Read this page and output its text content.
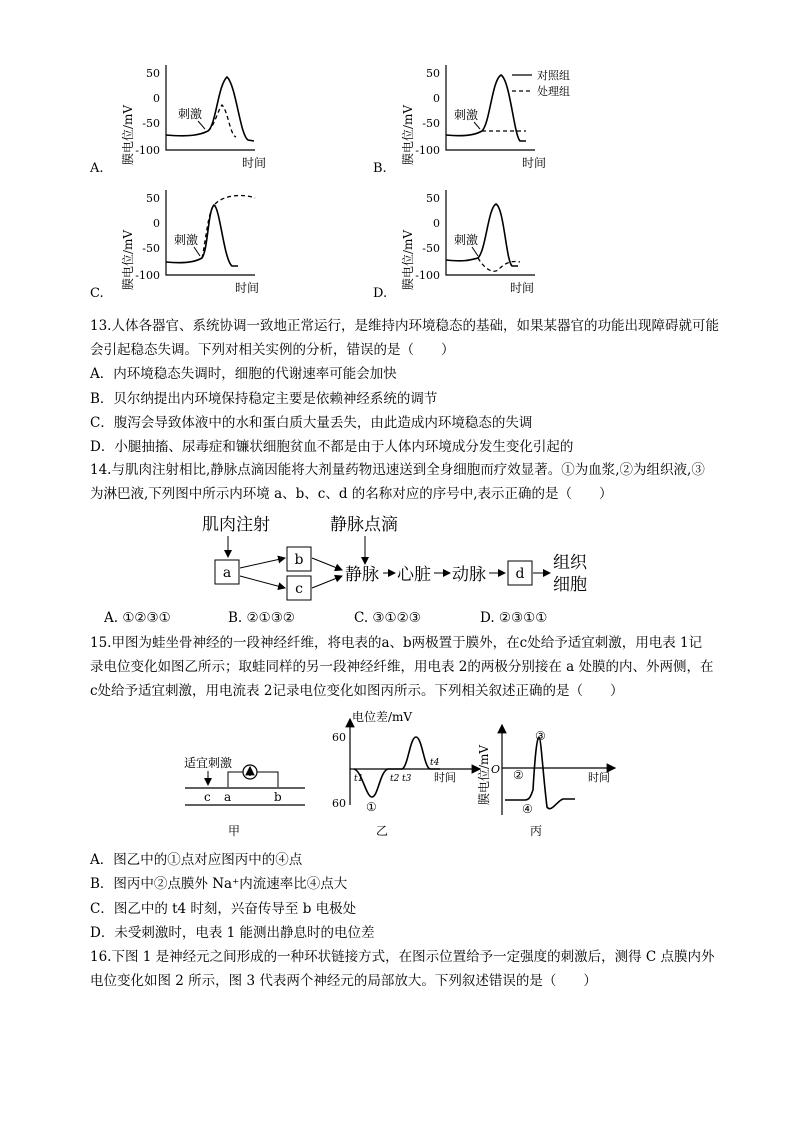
膜电位/mV
50
0
-50
-100
刺激
时间
A.
膜电位/mV
50
0
-50
-100
刺激
对照组
处理组
时间
B.
膜电位/mV
50
0
-50
-100
刺激
时间
C.
膜电位/mV
50
0
-50
-100
刺激
时间
D.
13.人体各器官、系统协调一致地正常运行，是维持内环境稳态的基础，如果某器官的功能出现障碍就可能
会引起稳态失调。下列对相关实例的分析，错误的是（　　）
A．内环境稳态失调时，细胞的代谢速率可能会加快
B．贝尔纳提出内环境保持稳定主要是依赖神经系统的调节
C．腹泻会导致体液中的水和蛋白质大量丢失，由此造成内环境稳态的失调
D．小腿抽搐、尿毒症和镰状细胞贫血不都是由于人体内环境成分发生变化引起的
14.与肌肉注射相比,静脉点滴因能将大剂量药物迅速送到全身细胞而疗效显著。①为血浆,②为组织液,③
为淋巴液,下列图中所示内环境 a、b、c、d 的名称对应的序号中,表示正确的是（　　）
肌肉注射	静脉点滴
a
b
c
静脉 心脏 动脉 d
组织
细胞
A. ①②③①	B. ②①③②	C. ③①②③	D. ②③①①
15.甲图为蛙坐骨神经的一段神经纤维，将电表的a、b两极置于膜外，在c处给予适宜刺激，用电表 1记
录电位变化如图乙所示；取蛙同样的另一段神经纤维，用电表 2的两极分别接在 a 处膜的内、外两侧，在
c处给予适宜刺激，用电流表 2记录电位变化如图丙所示。下列相关叙述正确的是（　　）
适宜刺激
c a	b
甲
电位差/mV
60
60
t1	t2 t3
t4
时间
①
乙
膜电位/mV O
时间
②
③
④
丙
A．图乙中的①点对应图丙中的④点
B．图丙中②点膜外 Na⁺内流速率比④点大
C．图乙中的 t4 时刻，兴奋传导至 b 电极处
D．未受刺激时，电表 1 能测出静息时的电位差
16.下图 1 是神经元之间形成的一种环状链接方式，在图示位置给予一定强度的刺激后，测得 C 点膜内外
电位变化如图 2 所示，图 3 代表两个神经元的局部放大。下列叙述错误的是（　　）
